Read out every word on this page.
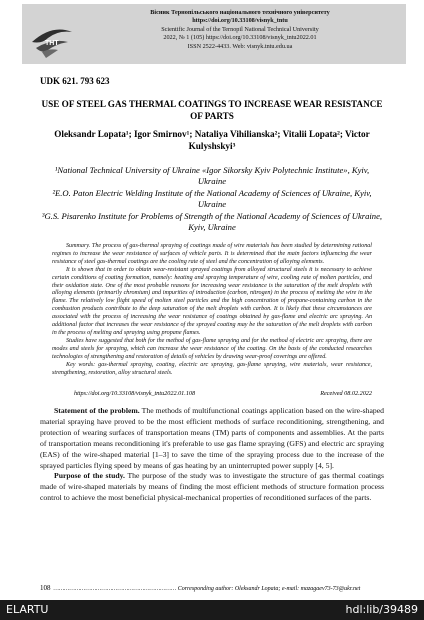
ТНТ
Вісник Тернопільського національного технічного університету
https://doi.org/10.33108/visnyk_tntu
Scientific Journal of the Ternopil National Technical University
2022, № 1 (105) https://doi.org/10.33108/visnyk_tntu2022.01
ISSN 2522-4433. Web: visnyk.tntu.edu.ua
UDK 621. 793 623
USE OF STEEL GAS THERMAL COATINGS TO INCREASE WEAR RESISTANCE OF PARTS
Oleksandr Lopata¹; Igor Smirnov¹; Nataliya Vihilianska²; Vitalii Lopata²; Victor Kulyshskyi³
¹National Technical University of Ukraine «Igor Sikorsky Kyiv Polytechnic Institute», Kyiv, Ukraine
²E.O. Paton Electric Welding Institute of the National Academy of Sciences of Ukraine, Kyiv, Ukraine
³G.S. Pisarenko Institute for Problems of Strength of the National Academy of Sciences of Ukraine, Kyiv, Ukraine

Summary. The process of gas-thermal spraying of coatings made of wire materials has been studied by determining rational regimes to increase the wear resistance of surfaces of vehicle parts. It is determined that the main factors influencing the wear resistance of steel gas-thermal coatings are the cooling rate of steel and the concentration of alloying elements.

It is shown that in order to obtain wear-resistant sprayed coatings from alloyed structural steels it is necessary to achieve certain conditions of coating formation, namely: heating and spraying temperature of wire, cooling rate of molten particles, and their oxidation state. One of the most probable reasons for increasing wear resistance is the saturation of the melt droplets with alloying elements (primarily chromium) and impurities of introduction (carbon, nitrogen) in the process of melting the wire in the flame. The relatively low flight speed of molten steel particles and the high concentration of propane-containing carbon in the combustion products contribute to the deep saturation of the melt droplets with carbon. It is likely that these circumstances are associated with the process of increasing the wear resistance of coatings obtained by gas-flame and electric arc spraying. An additional factor that increases the wear resistance of the sprayed coating may be the saturation of the melt droplets with carbon in the process of melting and spraying using propane flames.

Studies have suggested that both for the method of gas-flame spraying and for the method of electric arc spraying, there are modes and steels for spraying, which can increase the wear resistance of the coating. On the basis of the conducted researches technologies of strengthening and restoration of details of vehicles by drawing wear-proof coverings are offered.

Key words: gas-thermal spraying, coating, electric arc spraying, gas-flame spraying, wire materials, wear resistance, strengthening, restoration, alloy structural steels.

https://doi.org/10.33108/visnyk_tntu2022.01.108	Received 08.02.2022

Statement of the problem. The methods of multifunctional coatings application based on the wire-shaped material spraying have proved to be the most efficient methods of surface reconditioning, strengthening, and protection of wearing surfaces of transportation means (TM) parts of components and assemblies. At the parts of transportation means reconditioning it's preferable to use gas flame spraying (GFS) and electric arc spraying (EAS) of the wire-shaped material [1–3] to save the time of the spraying process due to the increase of the sprayed particles flying speed by means of gas heating by an uninterrupted power supply [4, 5].

Purpose of the study. The purpose of the study was to investigate the structure of gas thermal coatings made of wire-shaped materials by means of finding the most efficient methods of structure formation process control to achieve the most beneficial physical-mechanical properties of reconditioned surfaces of the parts.

108 …………………………………………………………… Corresponding author: Oleksandr Lopata; e-mail: mazagaev73-73@ukr.net
ELARTU	hdl:lib/39489
